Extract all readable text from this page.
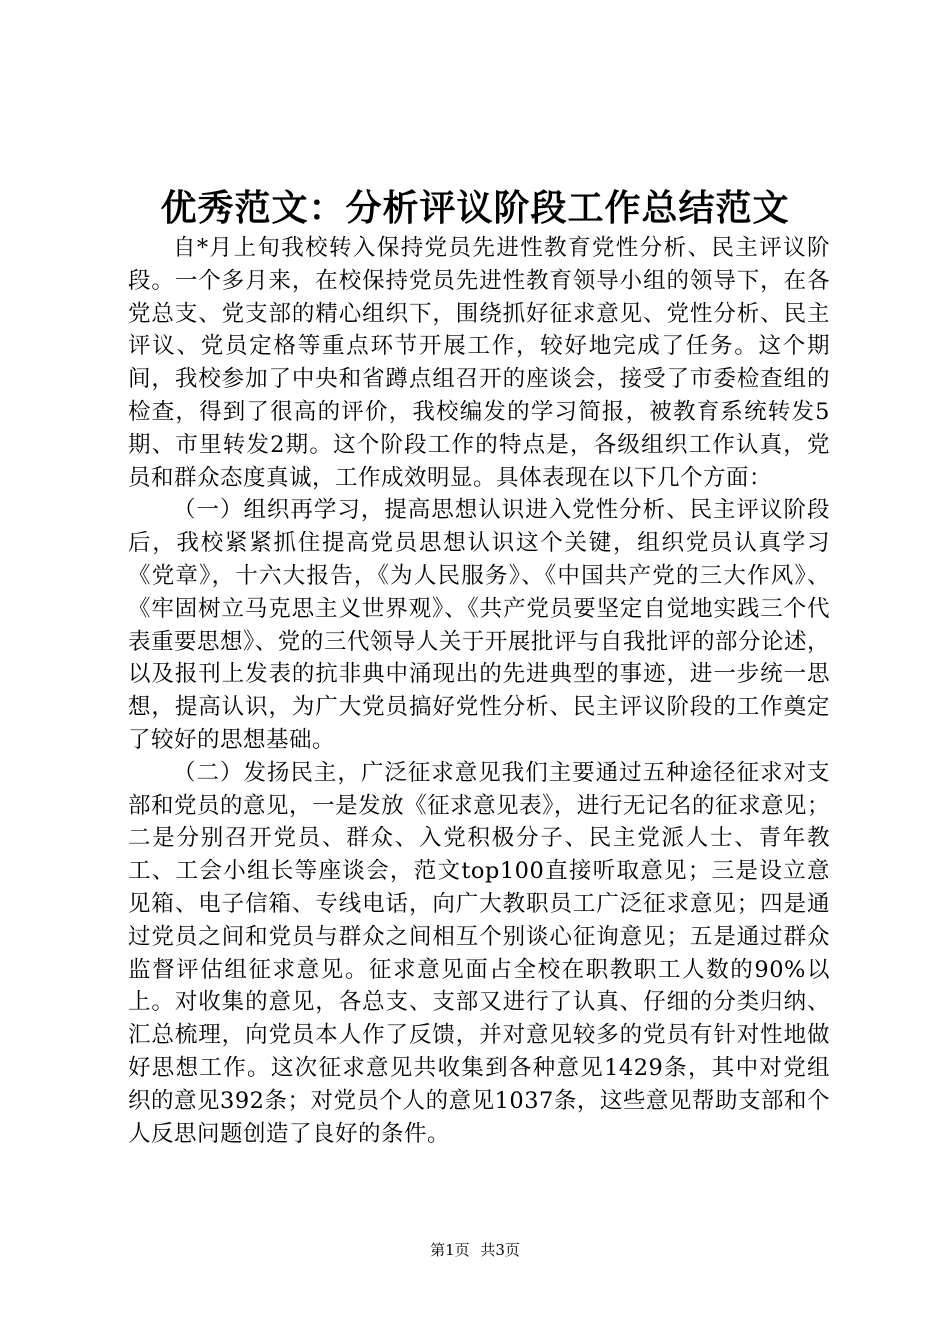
优秀范文：分析评议阶段工作总结范文

自*月上旬我校转入保持党员先进性教育党性分析、民主评议阶段。一个多月来，在校保持党员先进性教育领导小组的领导下，在各党总支、党支部的精心组织下，围绕抓好征求意见、党性分析、民主评议、党员定格等重点环节开展工作，较好地完成了任务。这个期间，我校参加了中央和省蹲点组召开的座谈会，接受了市委检查组的检查，得到了很高的评价，我校编发的学习简报，被教育系统转发5期、市里转发2期。这个阶段工作的特点是，各级组织工作认真，党员和群众态度真诚，工作成效明显。具体表现在以下几个方面：

（一）组织再学习，提高思想认识进入党性分析、民主评议阶段后，我校紧紧抓住提高党员思想认识这个关键，组织党员认真学习《党章》，十六大报告，《为人民服务》、《中国共产党的三大作风》、《牢固树立马克思主义世界观》、《共产党员要坚定自觉地实践三个代表重要思想》、党的三代领导人关于开展批评与自我批评的部分论述，以及报刊上发表的抗非典中涌现出的先进典型的事迹，进一步统一思想，提高认识，为广大党员搞好党性分析、民主评议阶段的工作奠定了较好的思想基础。

（二）发扬民主，广泛征求意见我们主要通过五种途径征求对支部和党员的意见，一是发放《征求意见表》，进行无记名的征求意见；二是分别召开党员、群众、入党积极分子、民主党派人士、青年教工、工会小组长等座谈会，范文top100直接听取意见；三是设立意见箱、电子信箱、专线电话，向广大教职员工广泛征求意见；四是通过党员之间和党员与群众之间相互个别谈心征询意见；五是通过群众监督评估组征求意见。征求意见面占全校在职教职工人数的90%以上。对收集的意见，各总支、支部又进行了认真、仔细的分类归纳、汇总梳理，向党员本人作了反馈，并对意见较多的党员有针对性地做好思想工作。这次征求意见共收集到各种意见1429条，其中对党组织的意见392条；对党员个人的意见1037条，这些意见帮助支部和个人反思问题创造了良好的条件。

第1页 共3页
